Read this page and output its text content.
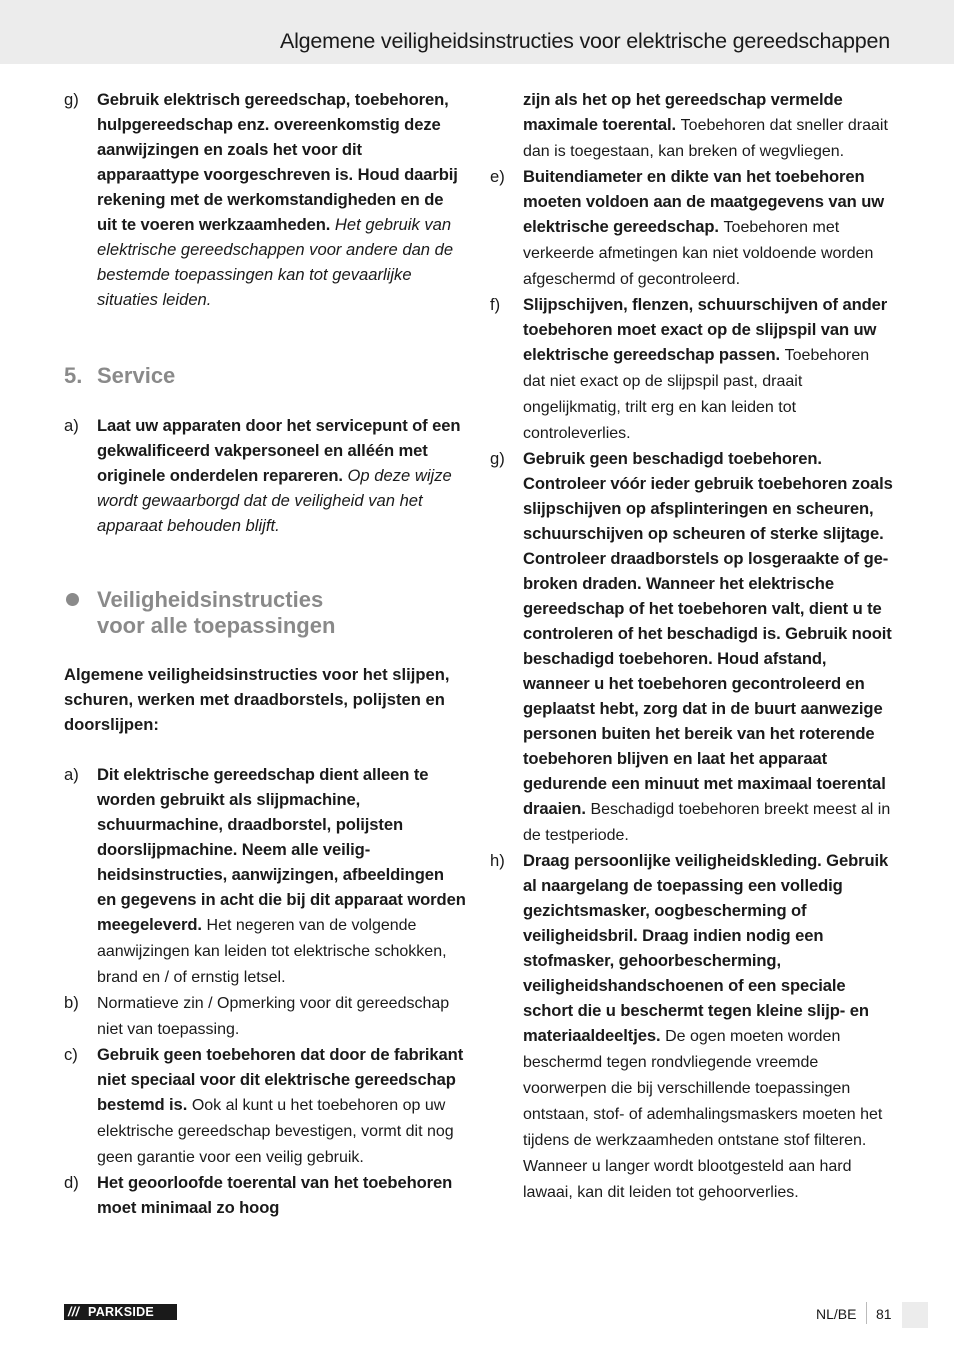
Algemene veiligheidsinstructies voor elektrische gereedschappen

g) Gebruik elektrisch gereedschap, toebehoren, hulpgereedschap enz. overeenkomstig deze aanwijzingen en zoals het voor dit apparaattype voorgeschreven is. Houd daarbij rekening met de werkomstandigheden en de uit te voeren werkzaamheden. Het gebruik van elektrische gereedschappen voor andere dan de bestemde toepassingen kan tot gevaarlijke situaties leiden.

5. Service

a) Laat uw apparaten door het servicepunt of een gekwalificeerd vakpersoneel en alléén met originele onderdelen repareren. Op deze wijze wordt gewaarborgd dat de veiligheid van het apparaat behouden blijft.

Veiligheidsinstructies
voor alle toepassingen

Algemene veiligheidsinstructies voor het slijpen, schuren, werken met draadborstels, polijsten en doorslijpen:

a) Dit elektrische gereedschap dient alleen te worden gebruikt als slijpmachine, schuurmachine, draadborstel, polijsten doorslijpmachine. Neem alle veiligheidsinstructies, aanwijzingen, afbeeldingen en gegevens in acht die bij dit apparaat worden meegeleverd. Het negeren van de volgende aanwijzingen kan leiden tot elektrische schokken, brand en / of ernstig letsel.

b) Normatieve zin / Opmerking voor dit gereedschap niet van toepassing.

c) Gebruik geen toebehoren dat door de fabrikant niet speciaal voor dit elektrische gereedschap bestemd is. Ook al kunt u het toebehoren op uw elektrische gereedschap bevestigen, vormt dit nog geen garantie voor een veilig gebruik.

d) Het geoorloofde toerental van het toebehoren moet minimaal zo hoog

zijn als het op het gereedschap vermelde maximale toerental. Toebehoren dat sneller draait dan is toegestaan, kan breken of wegvliegen.

e) Buitendiameter en dikte van het toebehoren moeten voldoen aan de maatgegevens van uw elektrische gereedschap. Toebehoren met verkeerde afmetingen kan niet voldoende worden afgeschermd of gecontroleerd.

f) Slijpschijven, flenzen, schuurschijven of ander toebehoren moet exact op de slijpspil van uw elektrische gereedschap passen. Toebehoren dat niet exact op de slijpspil past, draait ongelijkmatig, trilt erg en kan leiden tot controleverlies.

g) Gebruik geen beschadigd toebehoren. Controleer vóór ieder gebruik toebehoren zoals slijpschijven op afsplinteringen en scheuren, schuurschijven op scheuren of sterke slijtage. Controleer draadborstels op losgeraakte of gebroken draden. Wanneer het elektrische gereedschap of het toebehoren valt, dient u te controleren of het beschadigd is. Gebruik nooit beschadigd toebehoren. Houd afstand, wanneer u het toebehoren gecontroleerd en geplaatst hebt, zorg dat in de buurt aanwezige personen buiten het bereik van het roterende toebehoren blijven en laat het apparaat gedurende een minuut met maximaal toerental draaien. Beschadigd toebehoren breekt meest al in de testperiode.

h) Draag persoonlijke veiligheidskleding. Gebruik al naargelang de toepassing een volledig gezichtsmasker, oogbescherming of veiligheidsbril. Draag indien nodig een stofmasker, gehoorbescherming, veiligheidshandschoenen of een speciale schort die u beschermt tegen kleine slijp- en materiaaldeeltjes. De ogen moeten worden beschermd tegen rondvliegende vreemde voorwerpen die bij verschillende toepassingen ontstaan, stof- of ademhalingsmaskers moeten het tijdens de werkzaamheden ontstane stof filteren. Wanneer u langer wordt blootgesteld aan hard lawaai, kan dit leiden tot gehoorverlies.

/// PARKSIDE	NL/BE 81
